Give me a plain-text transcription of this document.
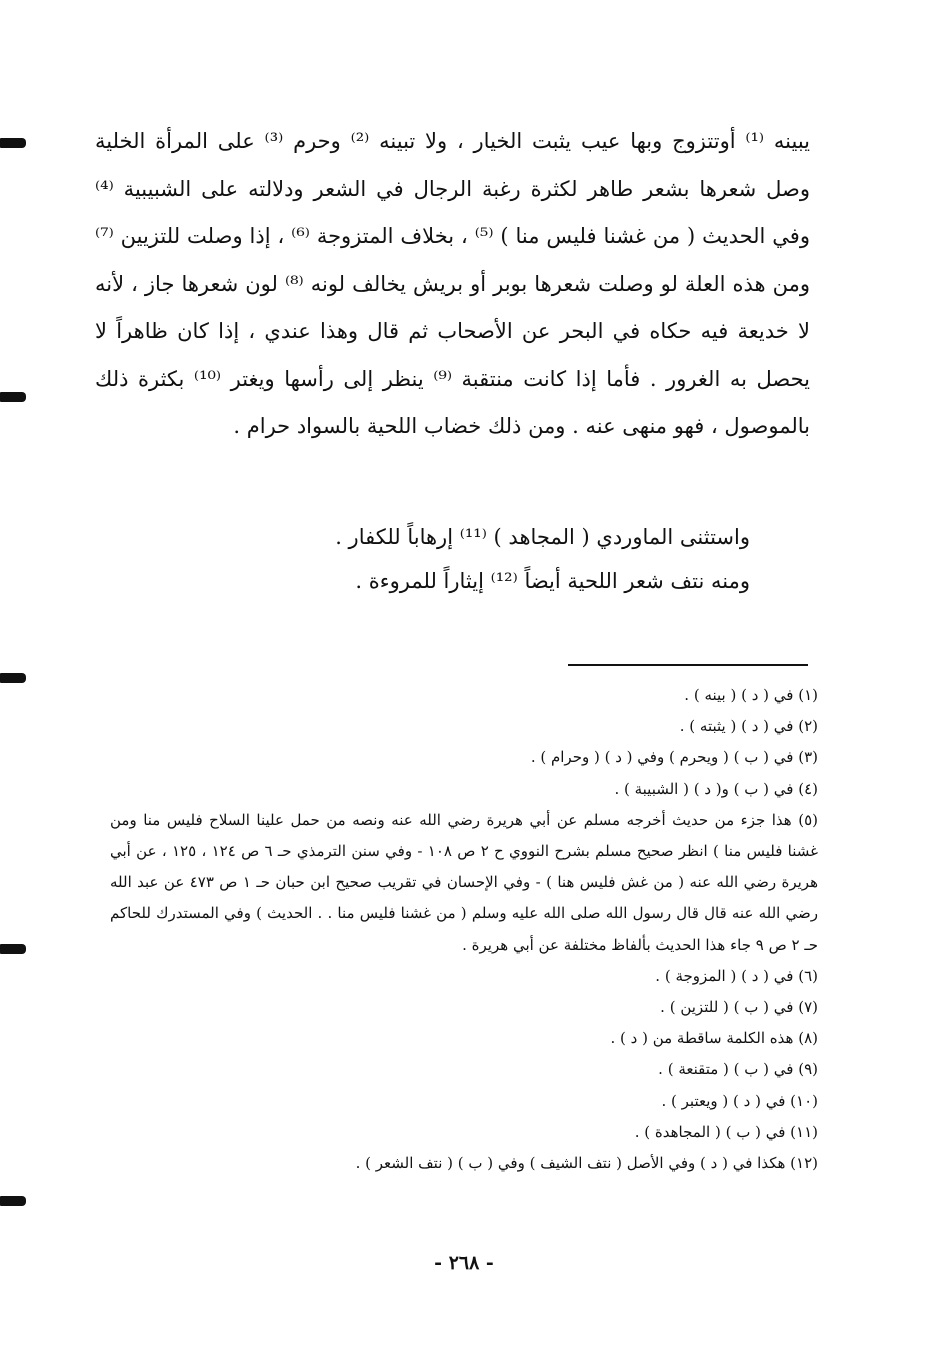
يبينه ⁽¹⁾ أوتتزوج وبها عيب يثبت الخيار ، ولا تبينه ⁽²⁾ وحرم ⁽³⁾ على المرأة الخلية وصل شعرها بشعر طاهر لكثرة رغبة الرجال في الشعر ودلالته على الشبيبية ⁽⁴⁾ وفي الحديث ( من غشنا فليس منا ) ⁽⁵⁾ ، بخلاف المتزوجة ⁽⁶⁾ ، إذا وصلت للتزيين ⁽⁷⁾ ومن هذه العلة لو وصلت شعرها بوبر أو بريش يخالف لونه ⁽⁸⁾ لون شعرها جاز ، لأنه لا خديعة فيه حكاه في البحر عن الأصحاب ثم قال وهذا عندي ، إذا كان ظاهراً لا يحصل به الغرور . فأما إذا كانت منتقبة ⁽⁹⁾ ينظر إلى رأسها ويغتر ⁽¹⁰⁾ بكثرة ذلك بالموصول ، فهو منهى عنه . ومن ذلك خضاب اللحية بالسواد حرام .

واستثنى الماوردي ( المجاهد ) ⁽¹¹⁾ إرهاباً للكفار .

ومنه نتف شعر اللحية أيضاً ⁽¹²⁾ إيثاراً للمروءة .

(١) في ( د ) ( بينه ) .
(٢) في ( د ) ( يثبته ) .
(٣) في ( ب ) ( ويحرم ) وفي ( د ) ( وحرام ) .
(٤) في ( ب ) و( د ) ( الشبيبة ) .
(٥) هذا جزء من حديث أخرجه مسلم عن أبي هريرة رضي الله عنه ونصه من حمل علينا السلاح فليس منا ومن غشنا فليس منا ) انظر صحيح مسلم بشرح النووي ح ٢ ص ١٠٨ - وفي سنن الترمذي حـ ٦ ص ١٢٤ ، ١٢٥ ، عن أبي هريرة رضي الله عنه ( من غش فليس هنا ) - وفي الإحسان في تقريب صحيح ابن حبان حـ ١ ص ٤٧٣ عن عبد الله رضي الله عنه قال قال رسول الله صلى الله عليه وسلم ( من غشنا فليس منا . . الحديث ) وفي المستدرك للحاكم حـ ٢ ص ٩ جاء هذا الحديث بألفاظ مختلفة عن أبي هريرة .
(٦) في ( د ) ( المزوجة ) .
(٧) في ( ب ) ( للتزين ) .
(٨) هذه الكلمة ساقطة من ( د ) .
(٩) في ( ب ) ( متقنعة ) .
(١٠) في ( د ) ( ويعتبر ) .
(١١) في ( ب ) ( المجاهدة ) .
(١٢) هكذا في ( د ) وفي الأصل ( نتف الشيف ) وفي ( ب ) ( نتف الشعر ) .
- ٢٦٨ -
